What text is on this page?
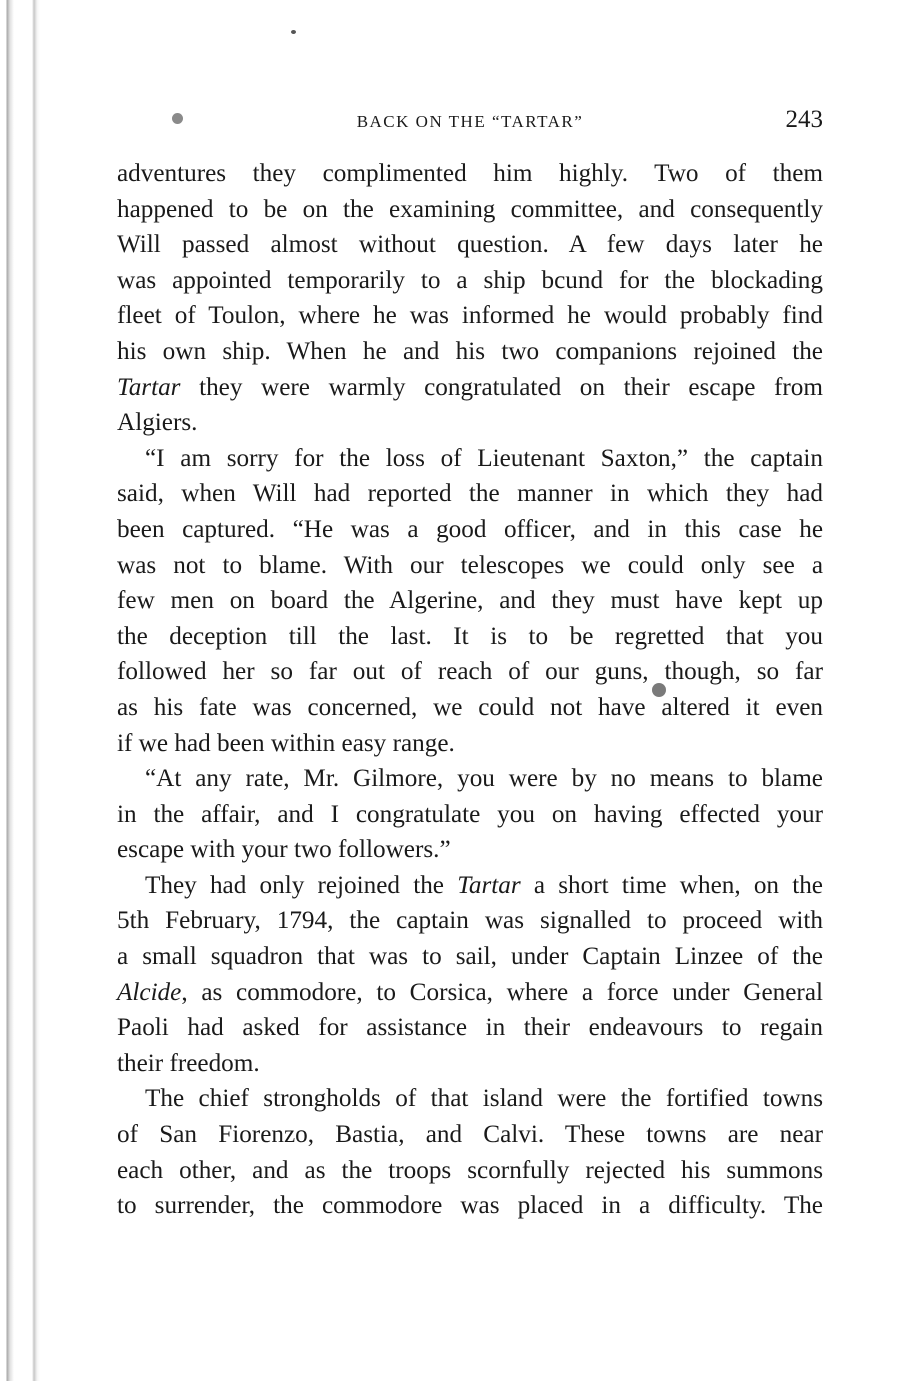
BACK ON THE “TARTAR”	243
adventures they complimented him highly. Two of them
happened to be on the examining committee, and consequently
Will passed almost without question. A few days later he
was appointed temporarily to a ship bcund for the blockading
fleet of Toulon, where he was informed he would probably find
his own ship. When he and his two companions rejoined the
Tartar they were warmly congratulated on their escape from
Algiers.
“I am sorry for the loss of Lieutenant Saxton,” the captain
said, when Will had reported the manner in which they had
been captured. “He was a good officer, and in this case he
was not to blame. With our telescopes we could only see a
few men on board the Algerine, and they must have kept up
the deception till the last. It is to be regretted that you
followed her so far out of reach of our guns, though, so far
as his fate was concerned, we could not have altered it even
if we had been within easy range.
“At any rate, Mr. Gilmore, you were by no means to blame
in the affair, and I congratulate you on having effected your
escape with your two followers.”
They had only rejoined the Tartar a short time when, on the
5th February, 1794, the captain was signalled to proceed with
a small squadron that was to sail, under Captain Linzee of the
Alcide, as commodore, to Corsica, where a force under General
Paoli had asked for assistance in their endeavours to regain
their freedom.
The chief strongholds of that island were the fortified towns
of San Fiorenzo, Bastia, and Calvi. These towns are near
each other, and as the troops scornfully rejected his summons
to surrender, the commodore was placed in a difficulty. The
